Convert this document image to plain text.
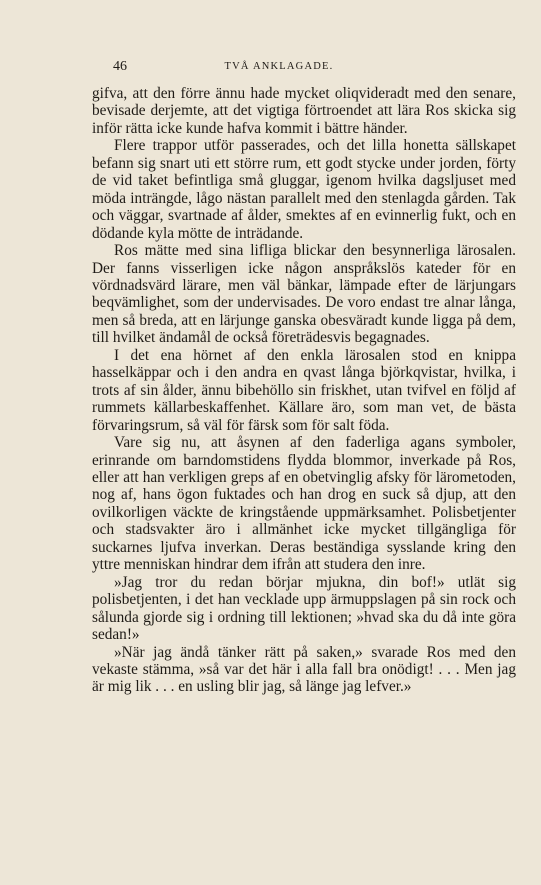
46	TVÅ ANKLAGADE.

gifva, att den förre ännu hade mycket oliqvideradt med den senare, bevisade derjemte, att det vigtiga förtroendet att lära Ros skicka sig inför rätta icke kunde hafva kommit i bättre händer.

Flere trappor utför passerades, och det lilla honetta sällskapet befann sig snart uti ett större rum, ett godt stycke under jorden, förty de vid taket befintliga små gluggar, igenom hvilka dagsljuset med möda inträngde, lågo nästan parallelt med den stenlagda gården. Tak och väggar, svartnade af ålder, smektes af en evinnerlig fukt, och en dödande kyla mötte de inträdande.

Ros mätte med sina lifliga blickar den besynnerliga lärosalen. Der fanns visserligen icke någon anspråkslös kateder för en vördnadsvärd lärare, men väl bänkar, lämpade efter de lärjungars beqvämlighet, som der undervisades. De voro endast tre alnar långa, men så breda, att en lärjunge ganska obesväradt kunde ligga på dem, till hvilket ändamål de också företrädesvis begagnades.

I det ena hörnet af den enkla lärosalen stod en knippa hasselkäppar och i den andra en qvast långa björkqvistar, hvilka, i trots af sin ålder, ännu bibehöllo sin friskhet, utan tvifvel en följd af rummets källarbeskaffenhet. Källare äro, som man vet, de bästa förvaringsrum, så väl för färsk som för salt föda.

Vare sig nu, att åsynen af den faderliga agans symboler, erinrande om barndomstidens flydda blommor, inverkade på Ros, eller att han verkligen greps af en obetvinglig afsky för lärometoden, nog af, hans ögon fuktades och han drog en suck så djup, att den ovilkorligen väckte de kringstående uppmärksamhet. Polisbetjenter och stadsvakter äro i allmänhet icke mycket tillgängliga för suckarnes ljufva inverkan. Deras beständiga sysslande kring den yttre menniskan hindrar dem ifrån att studera den inre.

»Jag tror du redan börjar mjukna, din bof!» utlät sig polisbetjenten, i det han vecklade upp ärmuppslagen på sin rock och sålunda gjorde sig i ordning till lektionen; »hvad ska du då inte göra sedan!»

»När jag ändå tänker rätt på saken,» svarade Ros med den vekaste stämma, »så var det här i alla fall bra onödigt! . . . Men jag är mig lik . . . en usling blir jag, så länge jag lefver.»
